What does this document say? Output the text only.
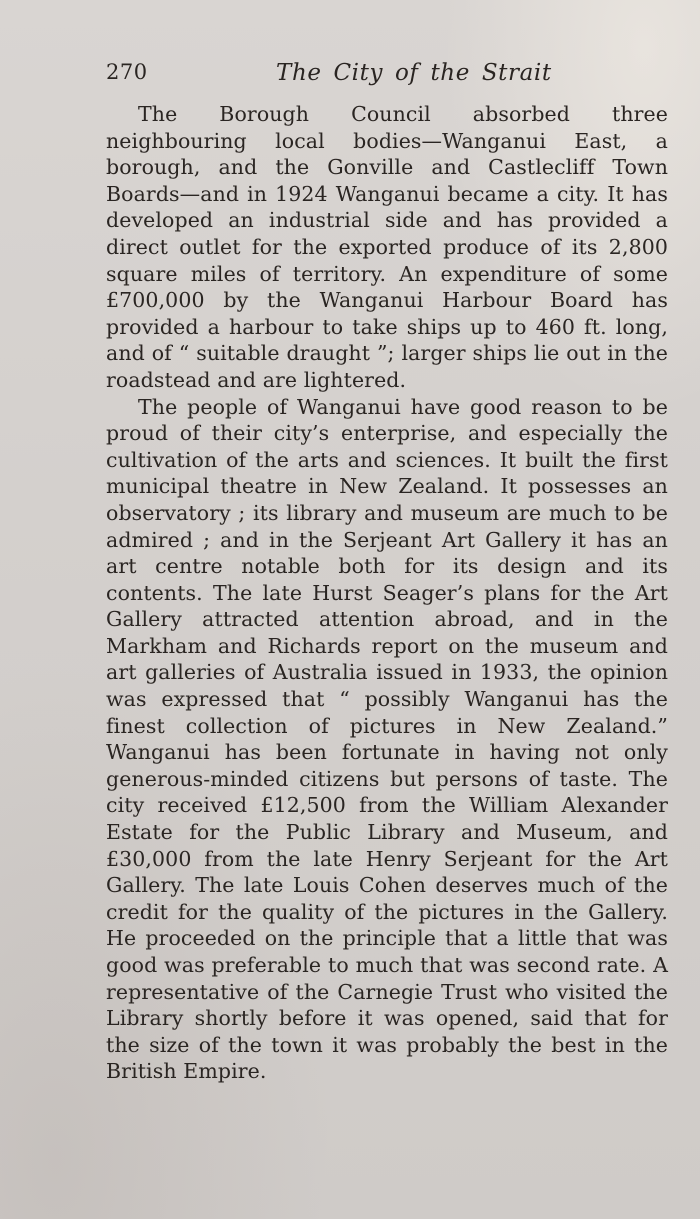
270	The City of the Strait

The Borough Council absorbed three neighbouring local bodies—Wanganui East, a borough, and the Gonville and Castlecliff Town Boards—and in 1924 Wanganui became a city. It has developed an industrial side and has provided a direct outlet for the exported produce of its 2,800 square miles of territory. An expenditure of some £700,000 by the Wanganui Harbour Board has provided a harbour to take ships up to 460 ft. long, and of “ suitable draught ”; larger ships lie out in the roadstead and are lightered.

The people of Wanganui have good reason to be proud of their city’s enterprise, and especially the cultivation of the arts and sciences. It built the first municipal theatre in New Zealand. It possesses an observatory ; its library and museum are much to be admired ; and in the Serjeant Art Gallery it has an art centre notable both for its design and its contents. The late Hurst Seager’s plans for the Art Gallery attracted attention abroad, and in the Markham and Richards report on the museum and art galleries of Australia issued in 1933, the opinion was expressed that “ possibly Wanganui has the finest collection of pictures in New Zealand.” Wanganui has been fortunate in having not only generous-minded citizens but persons of taste. The city received £12,500 from the William Alexander Estate for the Public Library and Museum, and £30,000 from the late Henry Serjeant for the Art Gallery. The late Louis Cohen deserves much of the credit for the quality of the pictures in the Gallery. He proceeded on the principle that a little that was good was preferable to much that was second rate. A representative of the Carnegie Trust who visited the Library shortly before it was opened, said that for the size of the town it was probably the best in the British Empire.
